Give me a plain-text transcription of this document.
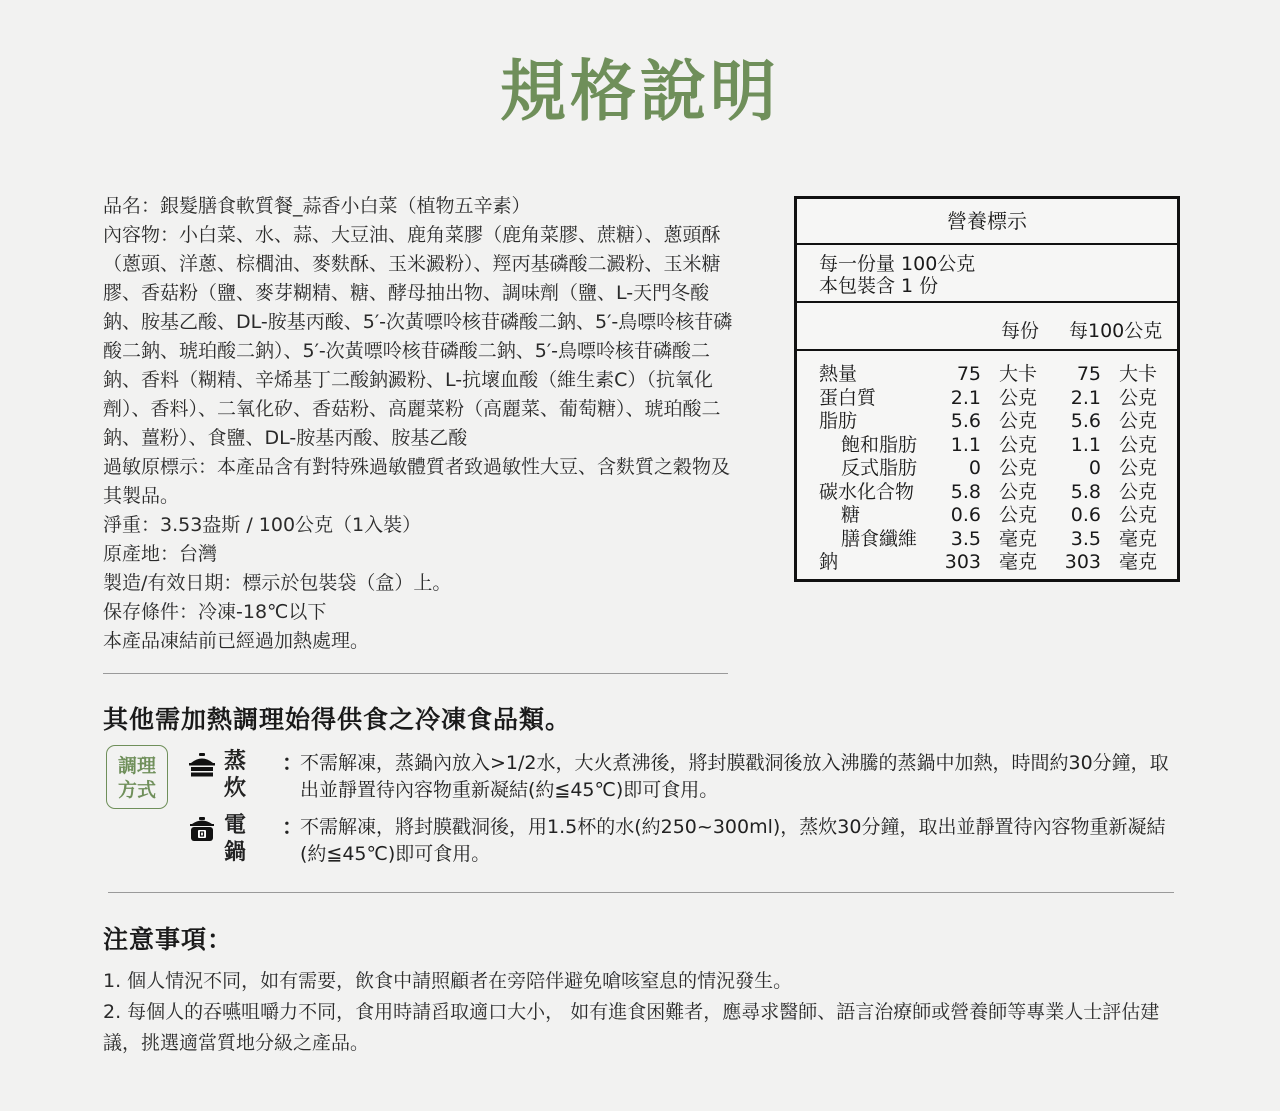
規格說明

品名：銀髮膳食軟質餐_蒜香小白菜（植物五辛素）

內容物：小白菜、水、蒜、大豆油、鹿角菜膠（鹿角菜膠、蔗糖）、蔥頭酥（蔥頭、洋蔥、棕櫚油、麥麩酥、玉米澱粉）、羥丙基磷酸二澱粉、玉米糖膠、香菇粉（鹽、麥芽糊精、糖、酵母抽出物、調味劑（鹽、L-天門冬酸鈉、胺基乙酸、DL-胺基丙酸、5′-次黃嘌呤核苷磷酸二鈉、5′-鳥嘌呤核苷磷酸二鈉、琥珀酸二鈉）、5′-次黃嘌呤核苷磷酸二鈉、5′-鳥嘌呤核苷磷酸二鈉、香料（糊精、辛烯基丁二酸鈉澱粉、L-抗壞血酸（維生素C）（抗氧化劑）、香料）、二氧化矽、香菇粉、高麗菜粉（高麗菜、葡萄糖）、琥珀酸二鈉、薑粉）、食鹽、DL-胺基丙酸、胺基乙酸

過敏原標示：本產品含有對特殊過敏體質者致過敏性大豆、含麩質之穀物及其製品。

淨重：3.53盎斯 / 100公克（1入裝）

原產地：台灣

製造/有效日期：標示於包裝袋（盒）上。

保存條件：冷凍-18℃以下

本產品凍結前已經過加熱處理。

營養標示
每一份量 100公克
本包裝含 1 份
每份 每100公克
熱量	75 大卡 75 大卡
蛋白質	2.1 公克 2.1 公克
脂肪	5.6 公克 5.6 公克
飽和脂肪 1.1 公克 1.1 公克
反式脂肪	0 公克	0 公克
碳水化合物 5.8 公克 5.8 公克
糖	0.6 公克 0.6 公克
膳食纖維 3.5 毫克 3.5 毫克
鈉	303 毫克 303 毫克
其他需加熱調理始得供食之冷凍食品類。
調理
方式
蒸炊
：
不需解凍，蒸鍋內放入>1/2水，大火煮沸後，將封膜戳洞後放入沸騰的蒸鍋中加熱，時間約30分鐘，取出並靜置待內容物重新凝結(約≦45℃)即可食用。
電鍋
：
不需解凍，將封膜戳洞後，用1.5杯的水(約250~300ml)，蒸炊30分鐘，取出並靜置待內容物重新凝結(約≦45℃)即可食用。
注意事項：

1. 個人情況不同，如有需要，飲食中請照顧者在旁陪伴避免嗆咳窒息的情況發生。

2. 每個人的吞嚥咀嚼力不同，食用時請舀取適口大小， 如有進食困難者，應尋求醫師、語言治療師或營養師等專業人士評估建議，挑選適當質地分級之產品。
